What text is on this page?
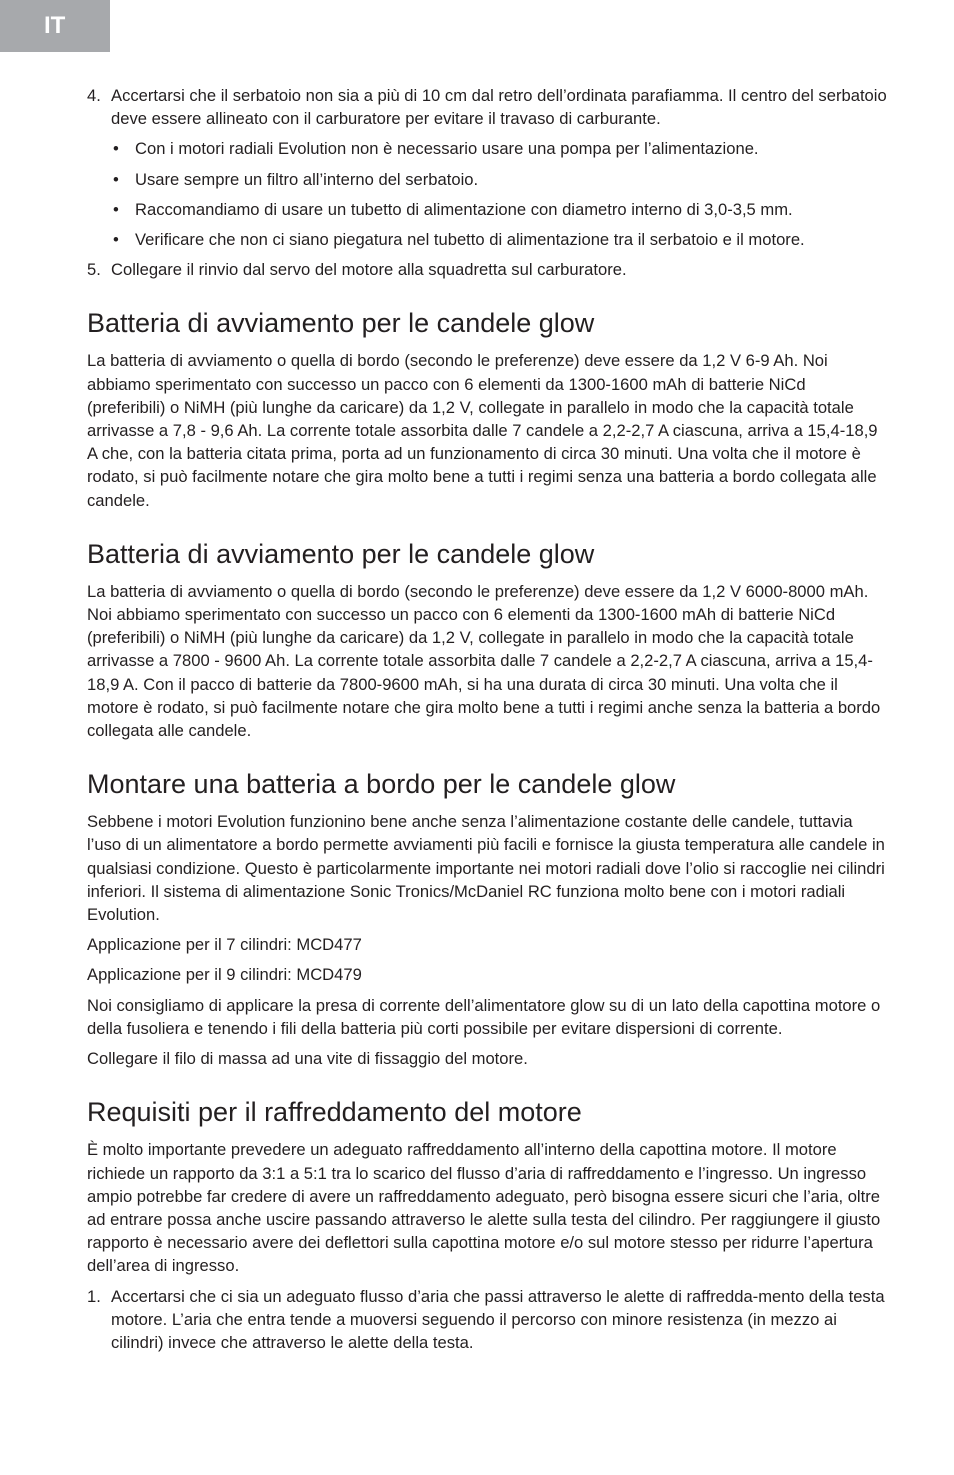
IT
4. Accertarsi che il serbatoio non sia a più di 10 cm dal retro dell’ordinata parafiamma. Il centro del serbatoio deve essere allineato con il carburatore per evitare il travaso di carburante.
• Con i motori radiali Evolution non è necessario usare una pompa per l’alimentazione.
• Usare sempre un filtro all’interno del serbatoio.
• Raccomandiamo di usare un tubetto di alimentazione con diametro interno di 3,0-3,5 mm.
• Verificare che non ci siano piegatura nel tubetto di alimentazione tra il serbatoio e il motore.
5. Collegare il rinvio dal servo del motore alla squadretta sul carburatore.
Batteria di avviamento per le candele glow

La batteria di avviamento o quella di bordo (secondo le preferenze) deve essere da 1,2 V 6-9 Ah. Noi abbiamo sperimentato con successo un pacco con 6 elementi da 1300-1600 mAh di batterie NiCd (preferibili) o NiMH (più lunghe da caricare) da 1,2 V, collegate in parallelo in modo che la capacità totale arrivasse a 7,8 - 9,6 Ah. La corrente totale assorbita dalle 7 candele a 2,2-2,7 A ciascuna, arriva a 15,4-18,9 A che, con la batteria citata prima, porta ad un funzionamento di circa 30 minuti. Una volta che il motore è rodato, si può facilmente notare che gira molto bene a tutti i regimi senza una batteria a bordo collegata alle candele.

Batteria di avviamento per le candele glow

La batteria di avviamento o quella di bordo (secondo le preferenze) deve essere da 1,2 V 6000-8000 mAh. Noi abbiamo sperimentato con successo un pacco con 6 elementi da 1300-1600 mAh di batterie NiCd (preferibili) o NiMH (più lunghe da caricare) da 1,2 V, collegate in parallelo in modo che la capacità totale arrivasse a 7800 - 9600 Ah. La corrente totale assorbita dalle 7 candele a 2,2-2,7 A ciascuna, arriva a 15,4-18,9 A. Con il pacco di batterie da 7800-9600 mAh, si ha una durata di circa 30 minuti. Una volta che il motore è rodato, si può facilmente notare che gira molto bene a tutti i regimi anche senza la batteria a bordo collegata alle candele.

Montare una batteria a bordo per le candele glow

Sebbene i motori Evolution funzionino bene anche senza l’alimentazione costante delle candele, tuttavia l’uso di un alimentatore a bordo permette avviamenti più facili e fornisce la giusta temperatura alle candele in qualsiasi condizione. Questo è particolarmente importante nei motori radiali dove l’olio si raccoglie nei cilindri inferiori. Il sistema di alimentazione Sonic Tronics/McDaniel RC funziona molto bene con i motori radiali Evolution.

Applicazione per il 7 cilindri: MCD477

Applicazione per il 9 cilindri: MCD479

Noi consigliamo di applicare la presa di corrente dell’alimentatore glow su di un lato della capottina motore o della fusoliera e tenendo i fili della batteria più corti possibile per evitare dispersioni di corrente.

Collegare il filo di massa ad una vite di fissaggio del motore.

Requisiti per il raffreddamento del motore

È molto importante prevedere un adeguato raffreddamento all’interno della capottina motore. Il motore richiede un rapporto da 3:1 a 5:1 tra lo scarico del flusso d’aria di raffreddamento e l’ingresso. Un ingresso ampio potrebbe far credere di avere un raffreddamento adeguato, però bisogna essere sicuri che l’aria, oltre ad entrare possa anche uscire passando attraverso le alette sulla testa del cilindro. Per raggiungere il giusto rapporto è necessario avere dei deflettori sulla capottina motore e/o sul motore stesso per ridurre l’apertura dell’area di ingresso.

1. Accertarsi che ci sia un adeguato flusso d’aria che passi attraverso le alette di raffredda-mento della testa motore. L’aria che entra tende a muoversi seguendo il percorso con minore resistenza (in mezzo ai cilindri) invece che attraverso le alette della testa.
